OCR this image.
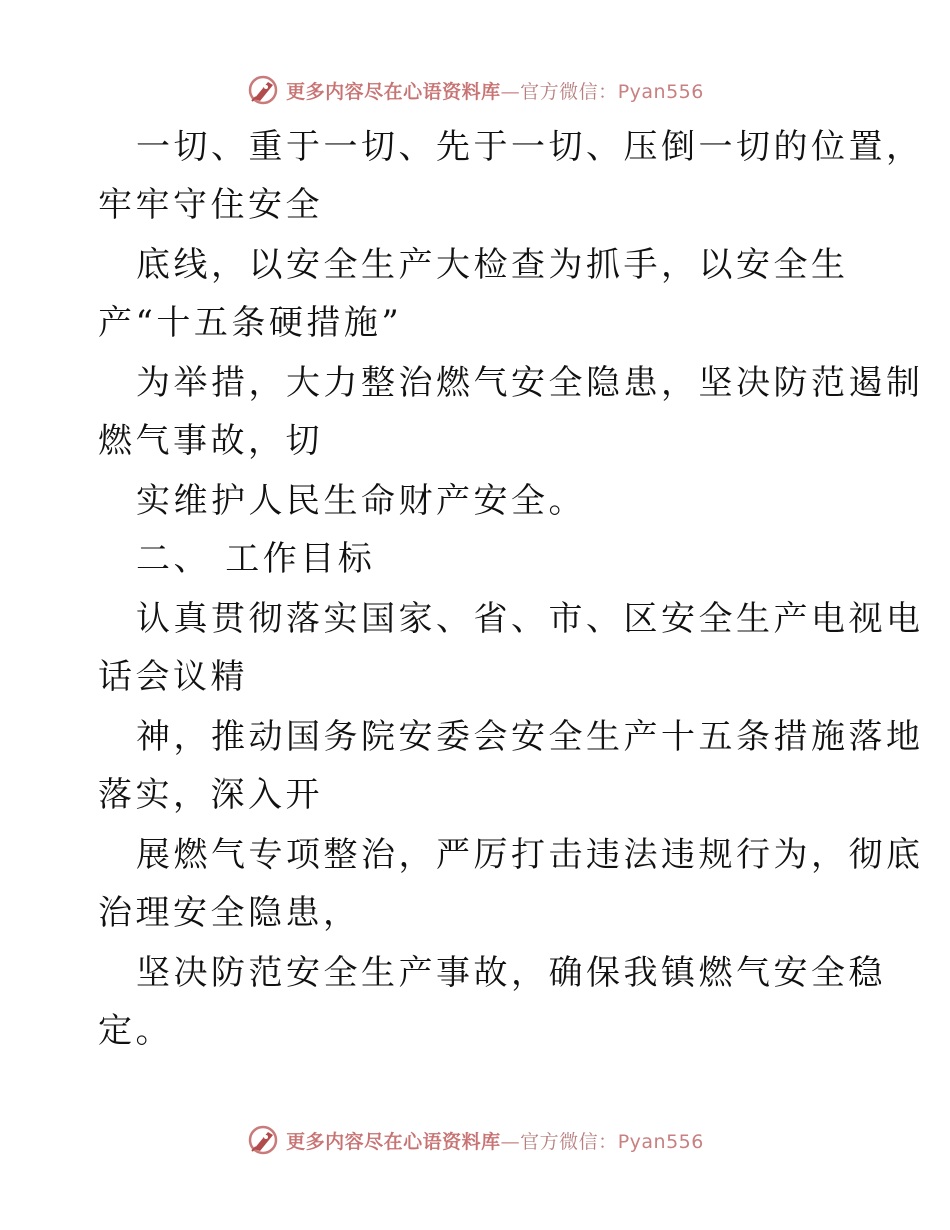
更多内容尽在心语资料库—官方微信：Pyan556
一切、重于一切、先于一切、压倒一切的位置，
牢牢守住安全
底线，以安全生产大检查为抓手，以安全生
产“十五条硬措施”
为举措，大力整治燃气安全隐患，坚决防范遏制
燃气事故，切
实维护人民生命财产安全。
二、 工作目标
认真贯彻落实国家、省、市、区安全生产电视电
话会议精
神，推动国务院安委会安全生产十五条措施落地
落实，深入开
展燃气专项整治，严厉打击违法违规行为，彻底
治理安全隐患，
坚决防范安全生产事故，确保我镇燃气安全稳
定。
更多内容尽在心语资料库—官方微信：Pyan556
